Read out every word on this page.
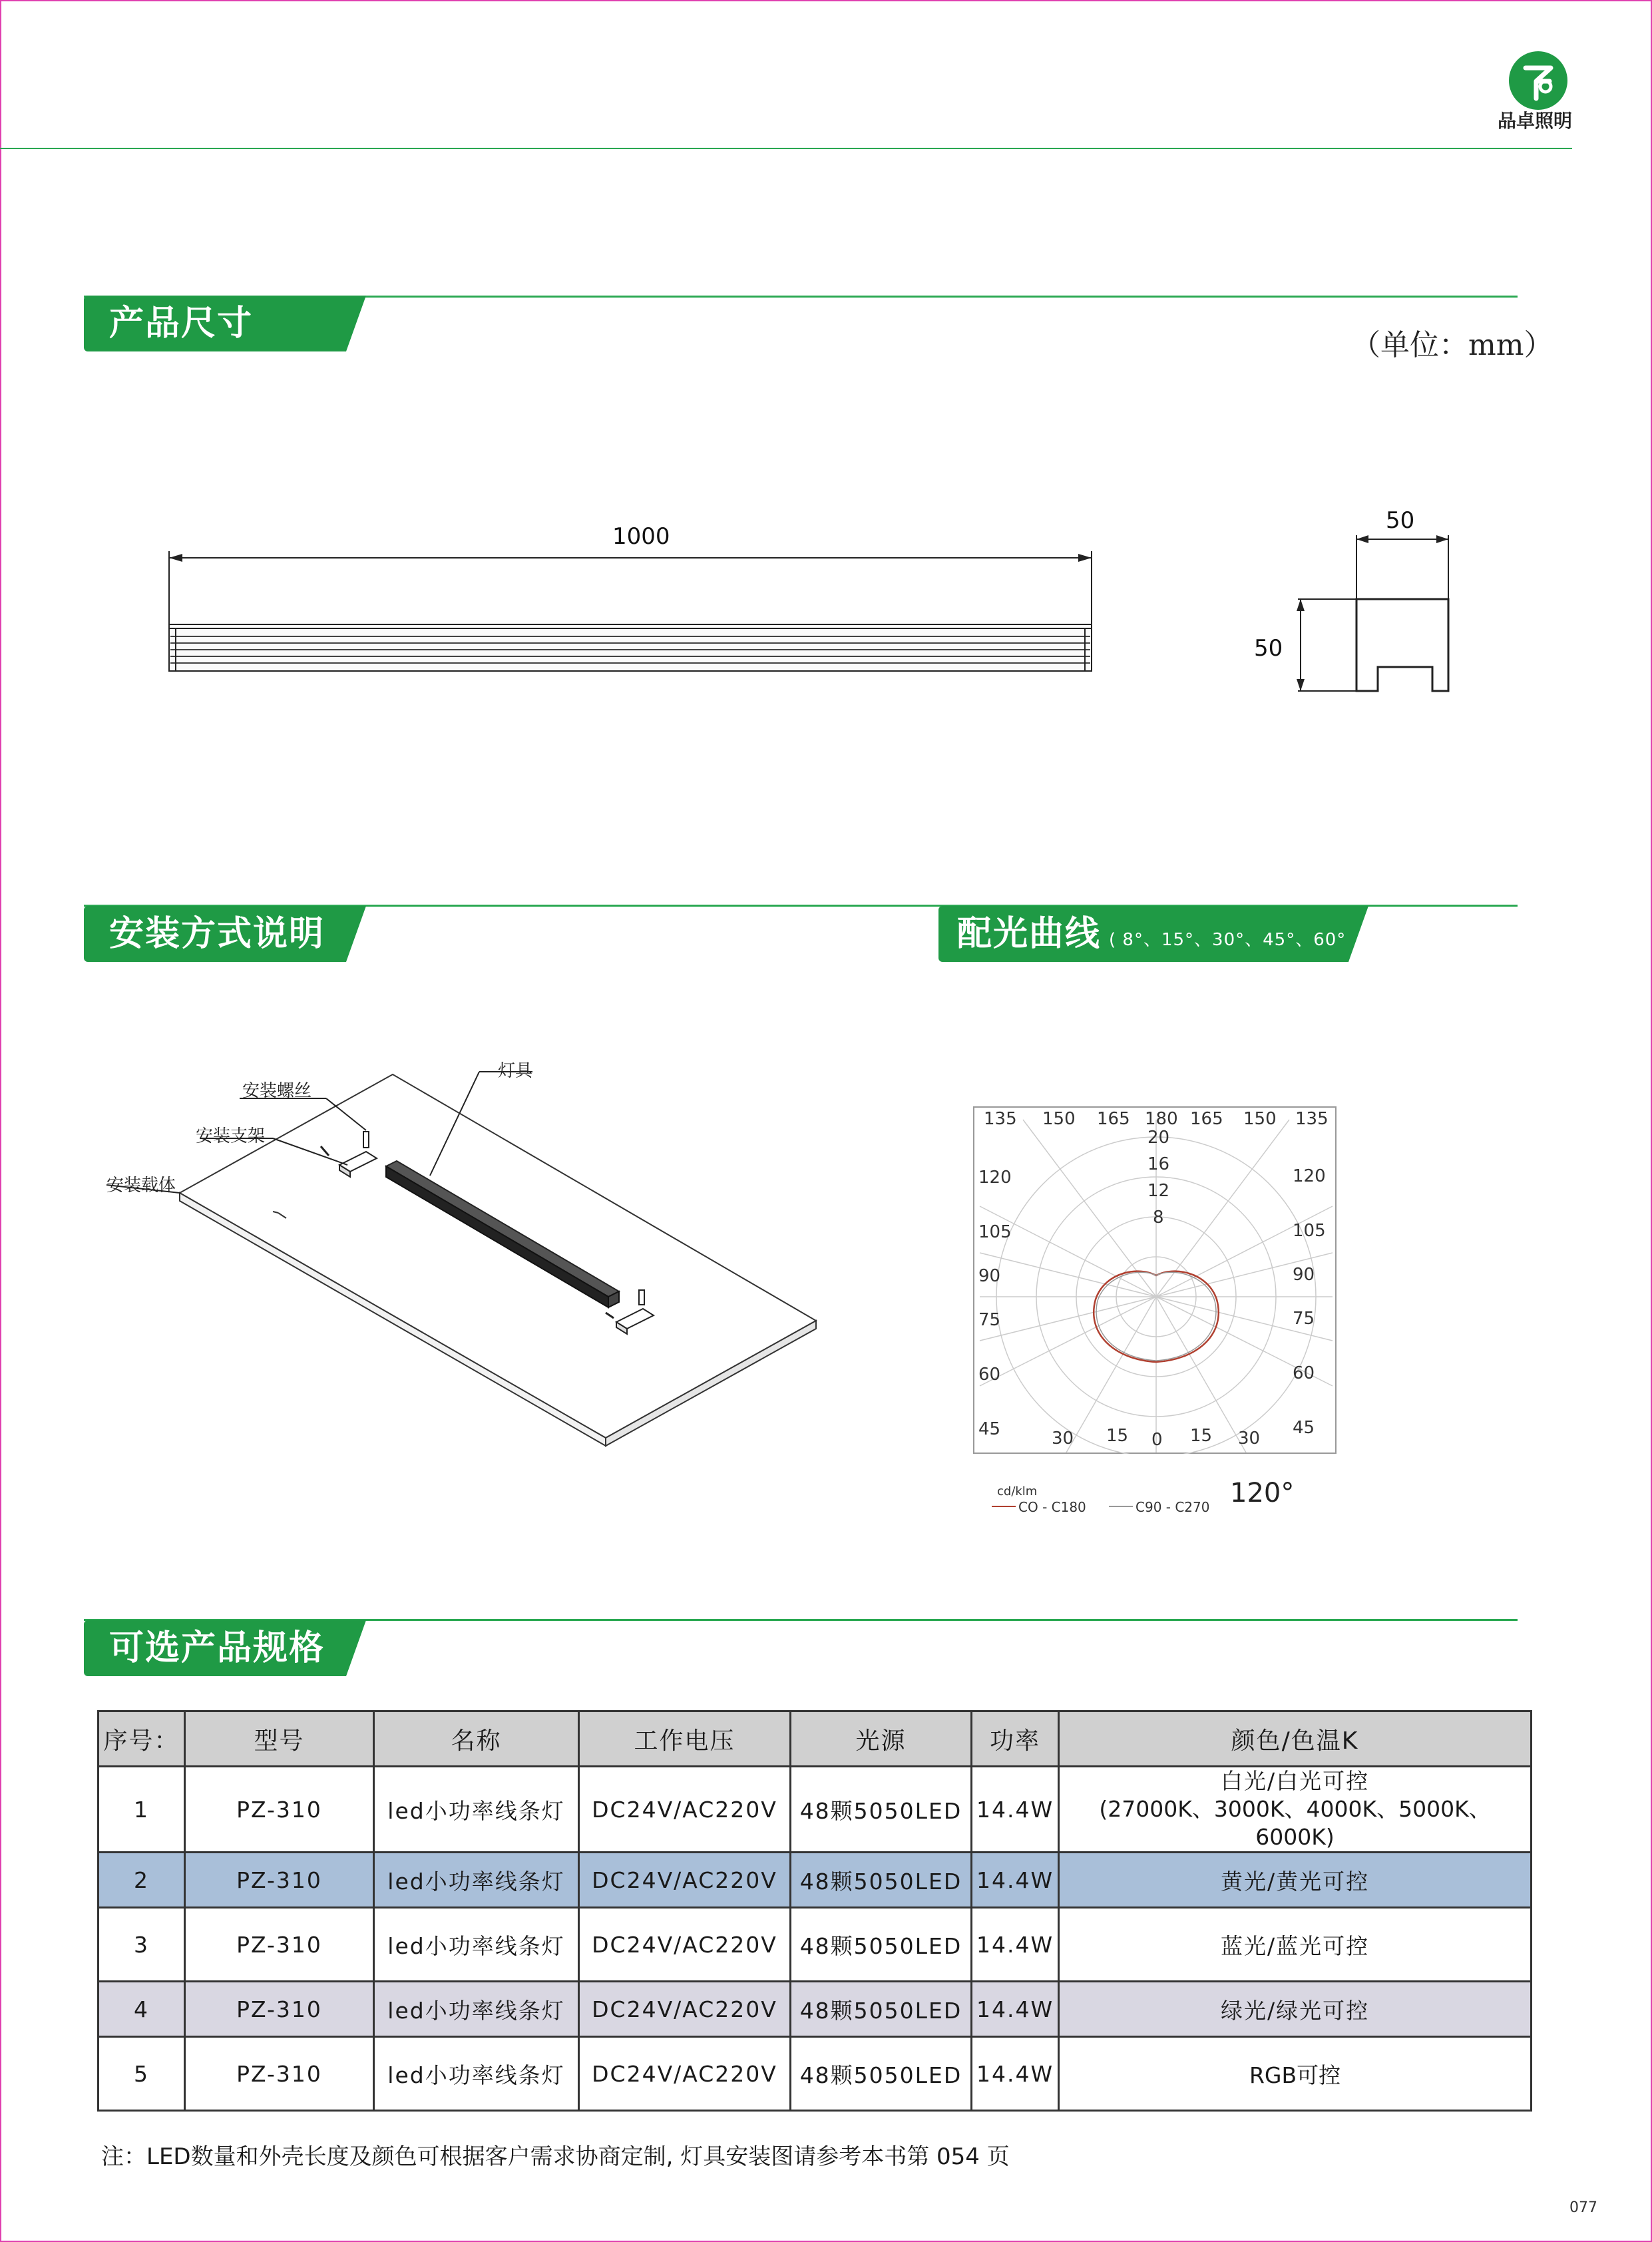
品卓照明
产品尺寸
（单位：mm）
1000
50
50
安装方式说明	配光曲线 ( 8°、15°、30°、45°、60° )
安装螺丝
安装支架
安装载体
灯具
135 150 165 180 165 150 135
120
105
90
75
60
45
120
105
90
75
60
45
30 15 0 15 30
20
16
12
8
cd/klm
CO - C180	C90 - C270 120°
可选产品规格
序号：	型号	名称	工作电压	光源	功率	颜色/色温K
1	PZ-310	led小功率线条灯	DC24V/AC220V	48颗5050LED	14.4W	白光/白光可控
(27000K、3000K、4000K、5000K、6000K)

2	PZ-310	led小功率线条灯	DC24V/AC220V	48颗5050LED	14.4W	黄光/黄光可控
3	PZ-310	led小功率线条灯	DC24V/AC220V	48颗5050LED	14.4W	蓝光/蓝光可控
4	PZ-310	led小功率线条灯	DC24V/AC220V	48颗5050LED	14.4W	绿光/绿光可控
5	PZ-310	led小功率线条灯	DC24V/AC220V	48颗5050LED	14.4W	RGB可控
注：LED数量和外壳长度及颜色可根据客户需求协商定制, 灯具安装图请参考本书第 054 页
077
